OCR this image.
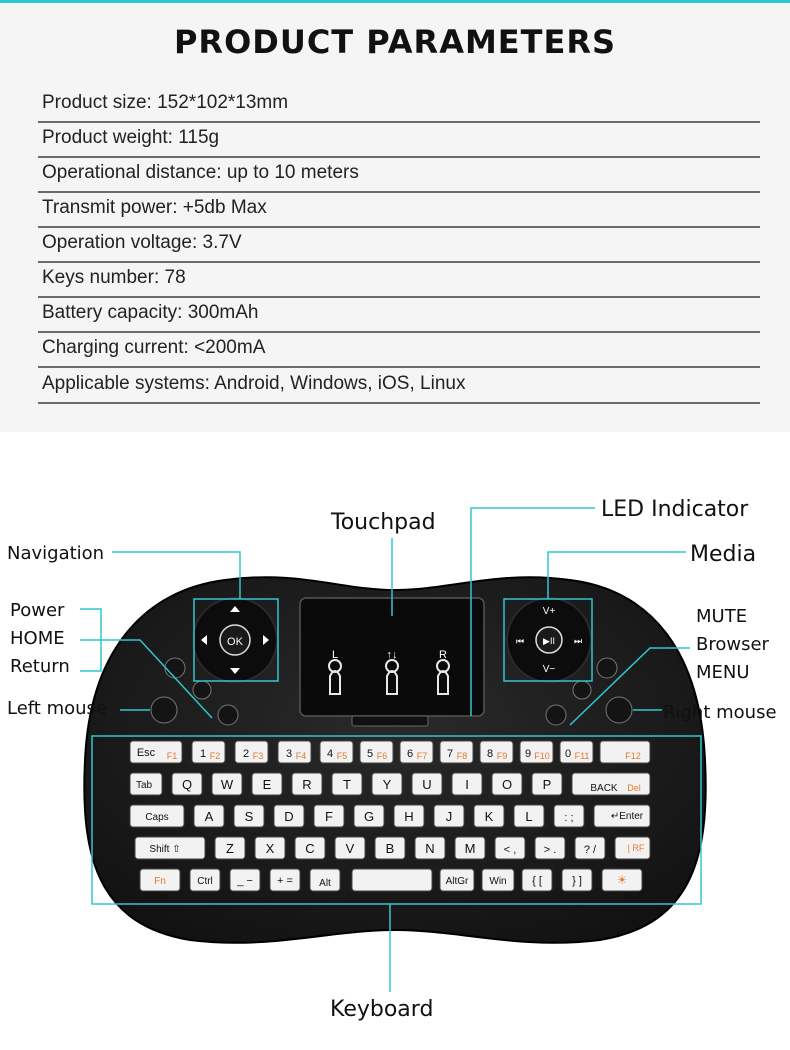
PRODUCT PARAMETERS
Product size: 152*102*13mm
Product weight: 115g
Operational distance: up to 10 meters
Transmit power: +5db Max
Operation voltage: 3.7V
Keys number: 78
Battery capacity: 300mAh
Charging current: <200mA
Applicable systems: Android, Windows, iOS, Linux
Esc F1 1 F2 2 F3 3 F4 4 F5 5 F6 6 F7 7 F8 8 F9 9 F10 0 F11	F12
Tab Q W E R T Y U	I	O P	BACK Del
Caps	A S D F G H J K L	: ;	↵Enter
Shift ⇧	Z X C V B N M	< , > .	? /	| RF
Fn	Ctrl _ − + =	Alt	AltGr Win { [	} ]	☀
OK
V+
V−
⏮ ▶II ⏭
L	↑↓	R
Touchpad
LED Indicator
Navigation	Media
Power
HOME
Return
Left mouse
MUTE
Browser
MENU
Right mouse
Keyboard
